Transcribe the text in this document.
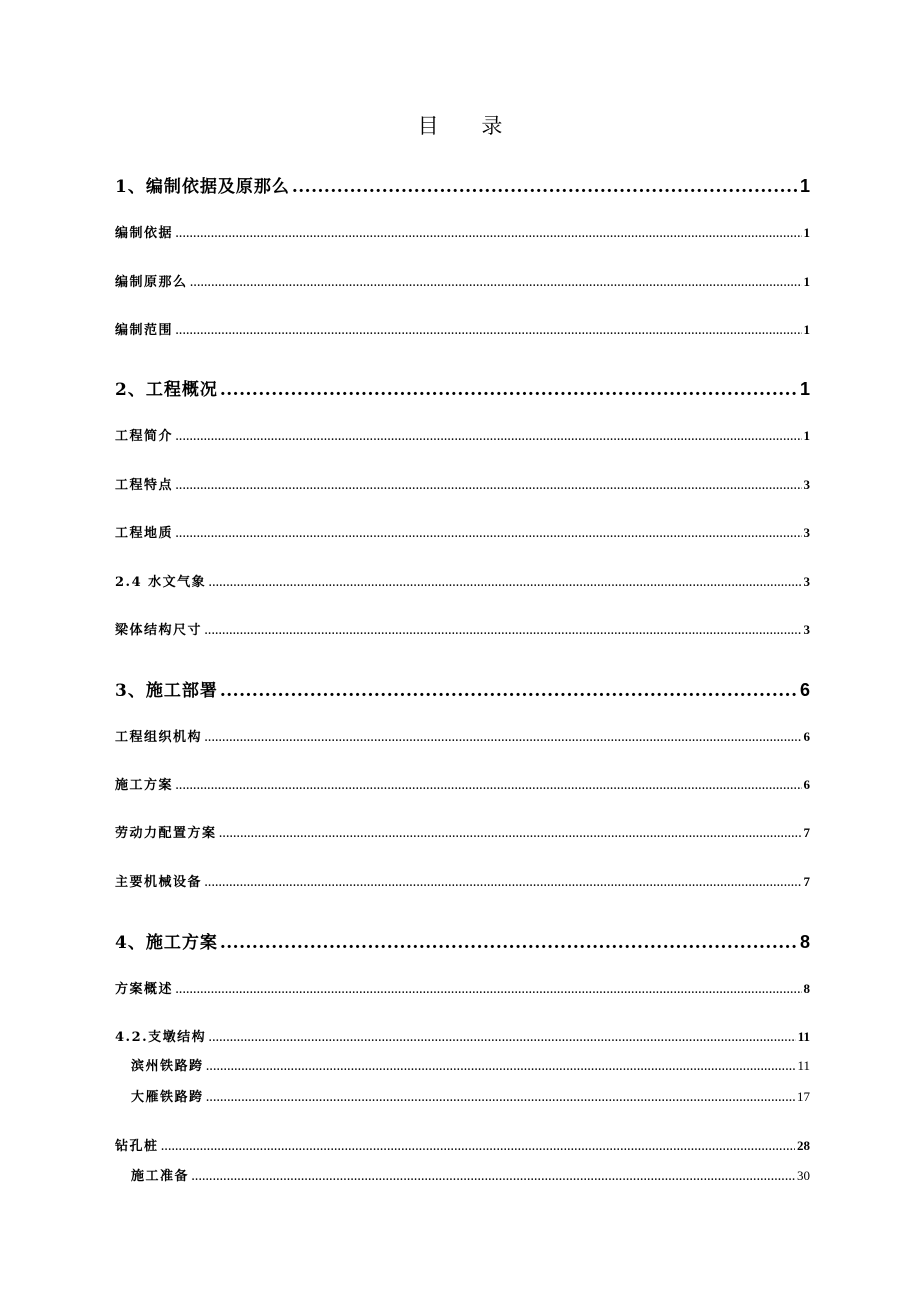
目 录
1、编制依据及原那么 .....	1
编制依据 .....	1
编制原那么 .....	1
编制范围 .....	1
2、工程概况 .....	1
工程简介 .....	1
工程特点 .....	3
工程地质 .....	3
2.4 水文气象 .....	3
梁体结构尺寸 .....	3
3、施工部署 .....	6
工程组织机构 .....	6
施工方案 .....	6
劳动力配置方案 .....	7
主要机械设备 .....	7
4、施工方案 .....	8
方案概述 .....	8
4.2.支墩结构 .....	11
滨州铁路跨 .....	11
大雁铁路跨 .....	17
钻孔桩 .....	28
施工准备 .....	30
